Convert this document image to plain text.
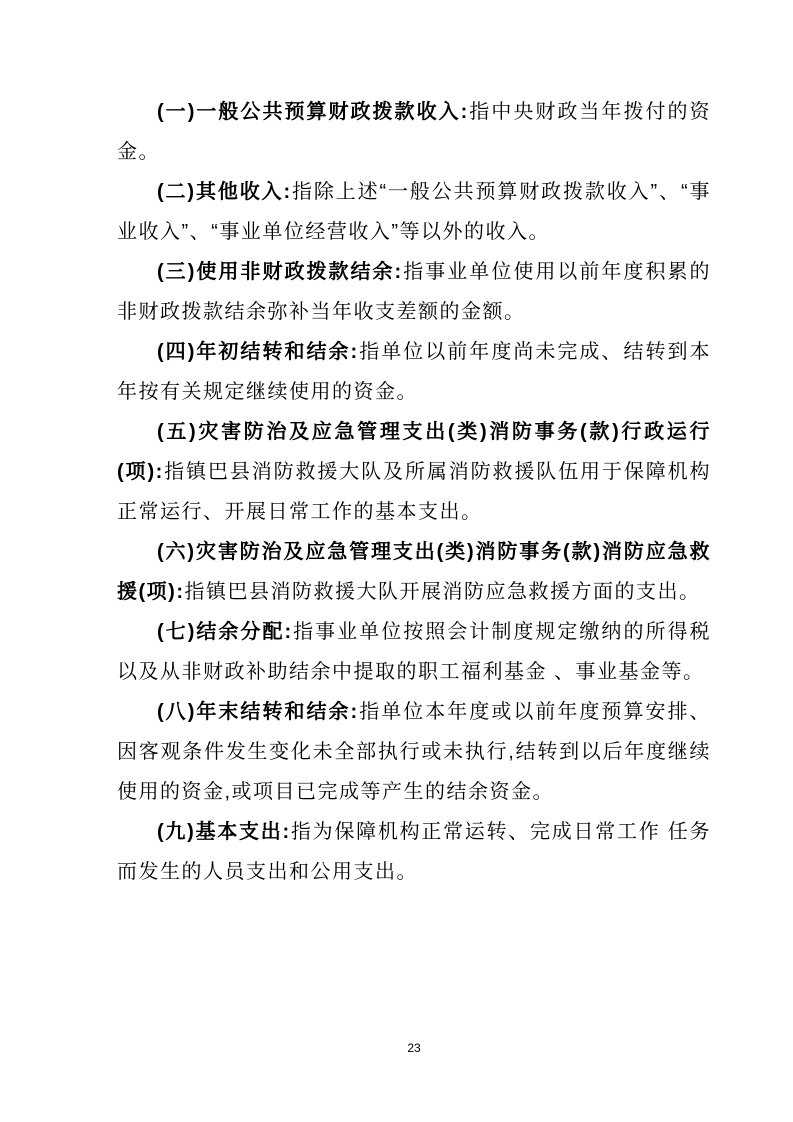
(一)一般公共预算财政拨款收入:指中央财政当年拨付的资金。

(二)其他收入:指除上述“一般公共预算财政拨款收入”、“事业收入”、“事业单位经营收入”等以外的收入。

(三)使用非财政拨款结余:指事业单位使用以前年度积累的非财政拨款结余弥补当年收支差额的金额。

(四)年初结转和结余:指单位以前年度尚未完成、结转到本年按有关规定继续使用的资金。

(五)灾害防治及应急管理支出(类)消防事务(款)行政运行(项):指镇巴县消防救援大队及所属消防救援队伍用于保障机构正常运行、开展日常工作的基本支出。

(六)灾害防治及应急管理支出(类)消防事务(款)消防应急救援(项):指镇巴县消防救援大队开展消防应急救援方面的支出。

(七)结余分配:指事业单位按照会计制度规定缴纳的所得税以及从非财政补助结余中提取的职工福利基金 、事业基金等。

(八)年末结转和结余:指单位本年度或以前年度预算安排、因客观条件发生变化未全部执行或未执行,结转到以后年度继续使用的资金,或项目已完成等产生的结余资金。

(九)基本支出:指为保障机构正常运转、完成日常工作 任务而发生的人员支出和公用支出。

23
